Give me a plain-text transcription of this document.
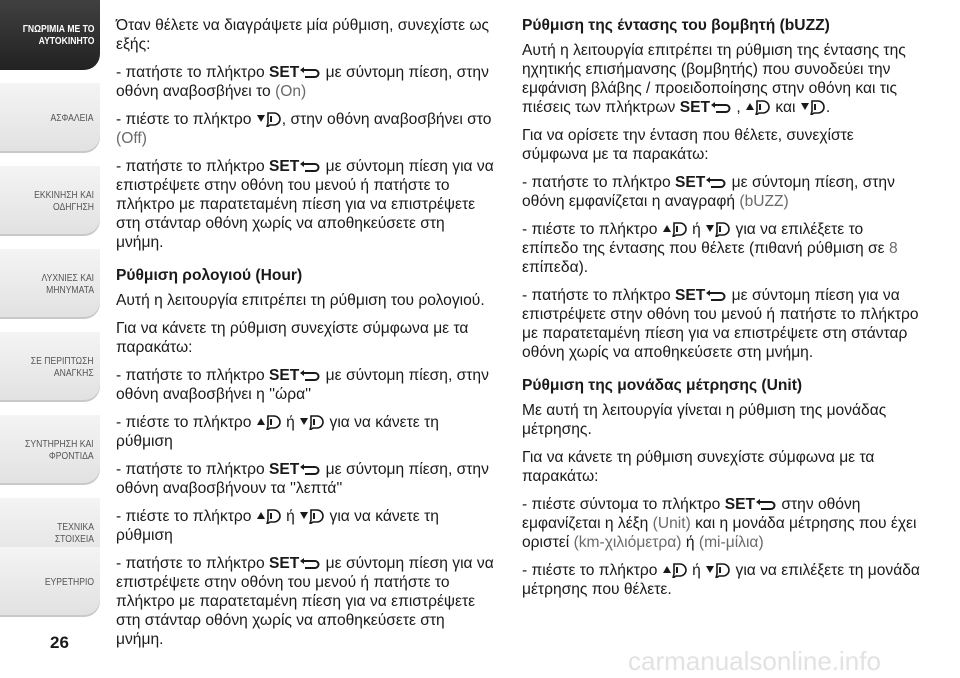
ΓΝΩΡΙΜΙΑ ΜΕ ΤΟ
ΑΥΤΟΚΙΝΗΤΟ
ΑΣΦΑΛΕΙΑ
ΕΚΚΙΝΗΣΗ ΚΑΙ
ΟΔΗΓΗΣΗ
ΛΥΧΝΙΕΣ ΚΑΙ
ΜΗΝΥΜΑΤΑ
ΣΕ ΠΕΡΙΠΤΩΣΗ
ΑΝΑΓΚΗΣ
ΣΥΝΤΗΡΗΣΗ ΚΑΙ
ΦΡΟΝΤΙΔΑ
ΤΕΧΝΙΚΑ ΣΤΟΙΧΕΙΑ
ΕΥΡΕΤΗΡΙΟ
26

Όταν θέλετε να διαγράψετε μία ρύθμιση, συνεχίστε ως εξής:

- πατήστε το πλήκτρο SET με σύντομη πίεση, στην οθόνη αναβοσβήνει το (On)

- πιέστε το πλήκτρο , στην οθόνη αναβοσβήνει στο (Off)

- πατήστε το πλήκτρο SET με σύντομη πίεση για να επιστρέψετε στην οθόνη του μενού ή πατήστε το πλήκτρο με παρατεταμένη πίεση για να επιστρέψετε στη στάνταρ οθόνη χωρίς να αποθηκεύσετε στη μνήμη.

Ρύθμιση ρολογιού (Hour)

Αυτή η λειτουργία επιτρέπει τη ρύθμιση του ρολογιού.

Για να κάνετε τη ρύθμιση συνεχίστε σύμφωνα με τα παρακάτω:

- πατήστε το πλήκτρο SET με σύντομη πίεση, στην οθόνη αναβοσβήνει η ''ώρα''

- πιέστε το πλήκτρο ή για να κάνετε τη ρύθμιση

- πατήστε το πλήκτρο SET με σύντομη πίεση, στην οθόνη αναβοσβήνουν τα ''λεπτά''

- πιέστε το πλήκτρο ή για να κάνετε τη ρύθμιση

- πατήστε το πλήκτρο SET με σύντομη πίεση για να επιστρέψετε στην οθόνη του μενού ή πατήστε το πλήκτρο με παρατεταμένη πίεση για να επιστρέψετε στη στάνταρ οθόνη χωρίς να αποθηκεύσετε στη μνήμη.

Ρύθμιση της έντασης του βομβητή (bUZZ)

Αυτή η λειτουργία επιτρέπει τη ρύθμιση της έντασης της ηχητικής επισήμανσης (βομβητής) που συνοδεύει την εμφάνιση βλάβης / προειδοποίησης στην οθόνη και τις πιέσεις των πλήκτρων SET , και .

Για να ορίσετε την ένταση που θέλετε, συνεχίστε σύμφωνα με τα παρακάτω:

- πατήστε το πλήκτρο SET με σύντομη πίεση, στην οθόνη εμφανίζεται η αναγραφή (bUZZ)

- πιέστε το πλήκτρο ή για να επιλέξετε το επίπεδο της έντασης που θέλετε (πιθανή ρύθμιση σε 8 επίπεδα).

- πατήστε το πλήκτρο SET με σύντομη πίεση για να επιστρέψετε στην οθόνη του μενού ή πατήστε το πλήκτρο με παρατεταμένη πίεση για να επιστρέψετε στη στάνταρ οθόνη χωρίς να αποθηκεύσετε στη μνήμη.

Ρύθμιση της μονάδας μέτρησης (Unit)

Με αυτή τη λειτουργία γίνεται η ρύθμιση της μονάδας μέτρησης.

Για να κάνετε τη ρύθμιση συνεχίστε σύμφωνα με τα παρακάτω:

- πιέστε σύντομα το πλήκτρο SET στην οθόνη εμφανίζεται η λέξη (Unit) και η μονάδα μέτρησης που έχει οριστεί (km-χιλιόμετρα) ή (mi-μίλια)

- πιέστε το πλήκτρο ή για να επιλέξετε τη μονάδα μέτρησης που θέλετε.

carmanualsonline.info
